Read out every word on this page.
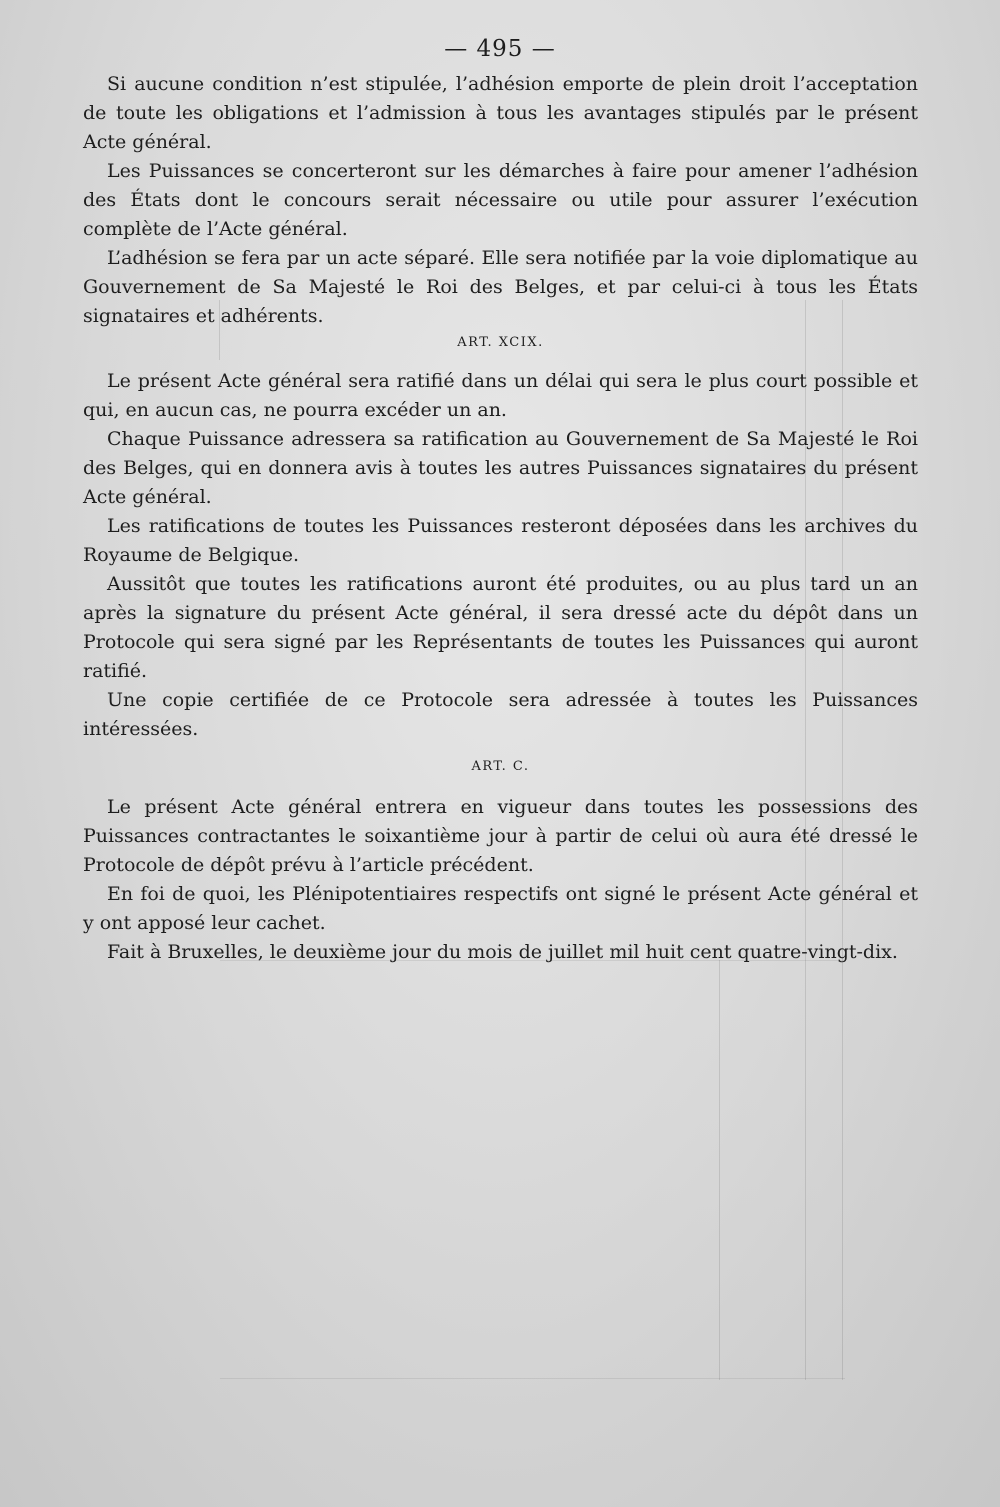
— 495 —

Si aucune condition n’est stipulée, l’adhésion emporte de plein droit l’acceptation de toute les obligations et l’admission à tous les avantages stipulés par le présent Acte général.

Les Puissances se concerteront sur les démarches à faire pour amener l’adhésion des États dont le concours serait nécessaire ou utile pour assurer l’exécution complète de l’Acte général.

L’adhésion se fera par un acte séparé. Elle sera notifiée par la voie diplomatique au Gouvernement de Sa Majesté le Roi des Belges, et par celui-ci à tous les États signataires et adhérents.

ART. XCIX.

Le présent Acte général sera ratifié dans un délai qui sera le plus court possible et qui, en aucun cas, ne pourra excéder un an.

Chaque Puissance adressera sa ratification au Gouvernement de Sa Majesté le Roi des Belges, qui en donnera avis à toutes les autres Puissances signataires du présent Acte général.

Les ratifications de toutes les Puissances resteront déposées dans les archives du Royaume de Belgique.

Aussitôt que toutes les ratifications auront été produites, ou au plus tard un an après la signature du présent Acte général, il sera dressé acte du dépôt dans un Protocole qui sera signé par les Représentants de toutes les Puissances qui auront ratifié.

Une copie certifiée de ce Protocole sera adressée à toutes les Puissances intéressées.

ART. C.

Le présent Acte général entrera en vigueur dans toutes les possessions des Puissances contractantes le soixantième jour à partir de celui où aura été dressé le Protocole de dépôt prévu à l’article précédent.

En foi de quoi, les Plénipotentiaires respectifs ont signé le présent Acte général et y ont apposé leur cachet.

Fait à Bruxelles, le deuxième jour du mois de juillet mil huit cent quatre-vingt-dix.
